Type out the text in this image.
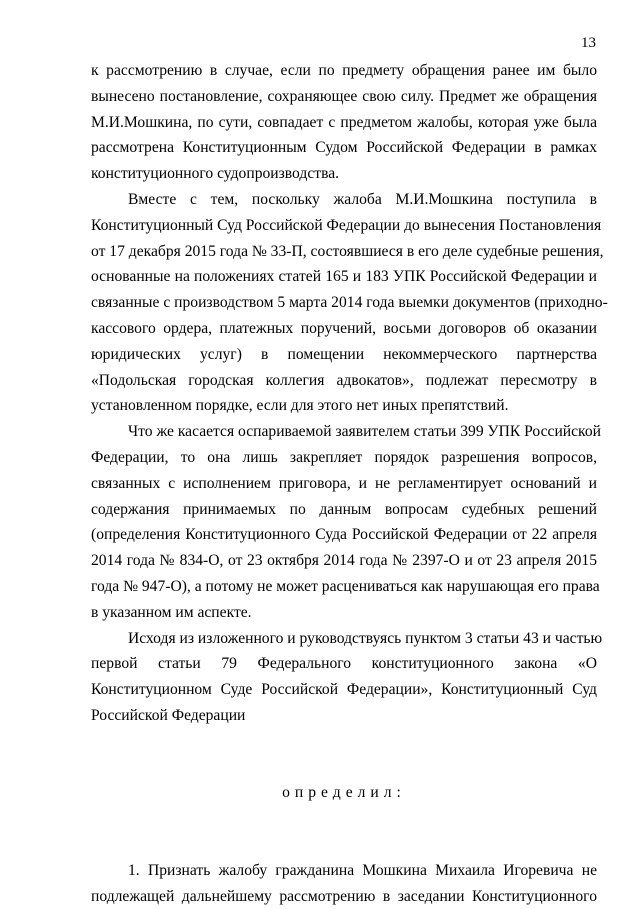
13
к рассмотрению в случае, если по предмету обращения ранее им было
вынесено постановление, сохраняющее свою силу. Предмет же обращения
М.И.Мошкина, по сути, совпадает с предметом жалобы, которая уже была
рассмотрена Конституционным Судом Российской Федерации в рамках
конституционного судопроизводства.
Вместе с тем, поскольку жалоба М.И.Мошкина поступила в
Конституционный Суд Российской Федерации до вынесения Постановления
от 17 декабря 2015 года № 33-П, состоявшиеся в его деле судебные решения,
основанные на положениях статей 165 и 183 УПК Российской Федерации и
связанные с производством 5 марта 2014 года выемки документов (приходно-
кассового ордера, платежных поручений, восьми договоров об оказании
юридических услуг) в помещении некоммерческого партнерства
«Подольская городская коллегия адвокатов», подлежат пересмотру в
установленном порядке, если для этого нет иных препятствий.
Что же касается оспариваемой заявителем статьи 399 УПК Российской
Федерации, то она лишь закрепляет порядок разрешения вопросов,
связанных с исполнением приговора, и не регламентирует оснований и
содержания принимаемых по данным вопросам судебных решений
(определения Конституционного Суда Российской Федерации от 22 апреля
2014 года № 834-О, от 23 октября 2014 года № 2397-О и от 23 апреля 2015
года № 947-О), а потому не может расцениваться как нарушающая его права
в указанном им аспекте.
Исходя из изложенного и руководствуясь пунктом 3 статьи 43 и частью
первой статьи 79 Федерального конституционного закона «О
Конституционном Суде Российской Федерации», Конституционный Суд
Российской Федерации

определил:

1. Признать жалобу гражданина Мошкина Михаила Игоревича не
подлежащей дальнейшему рассмотрению в заседании Конституционного
